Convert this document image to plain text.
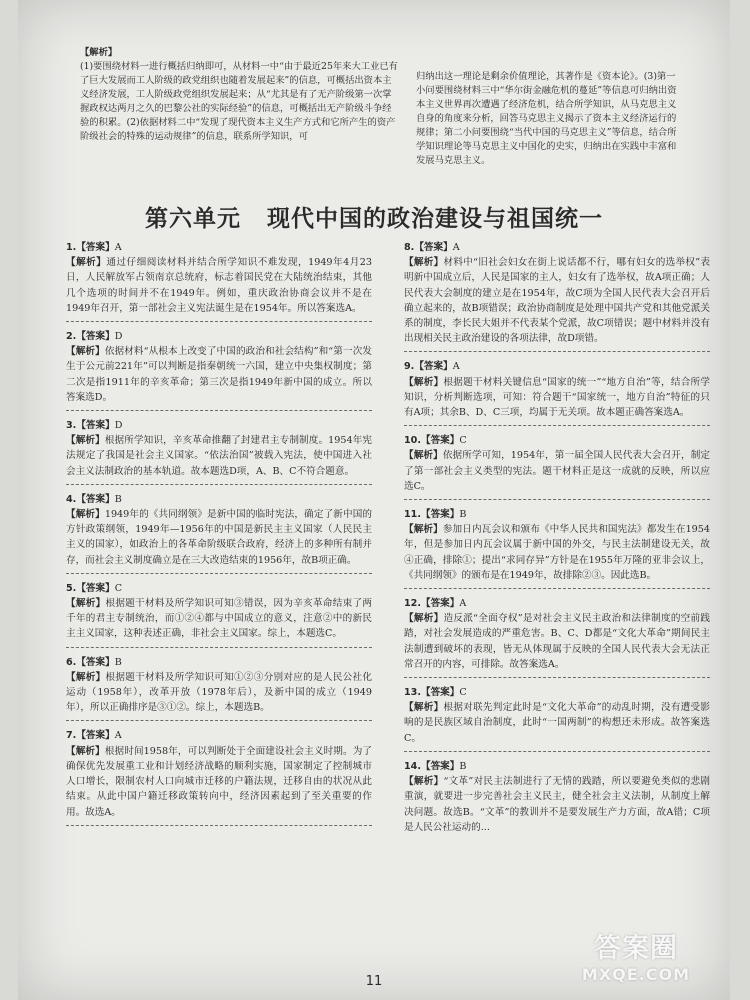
【解析】
(1)要围绕材料一进行概括归纳即可，从材料一中“由于最近25年来大工业已有了巨大发展而工人阶级的政党组织也随着发展起来”的信息，可概括出资本主义经济发展，工人阶级政党组织发展起来；从“尤其是有了无产阶级第一次掌握政权达两月之久的巴黎公社的实际经验”的信息，可概括出无产阶级斗争经验的积累。(2)依据材料二中“发现了现代资本主义生产方式和它所产生的资产阶级社会的特殊的运动规律”的信息，联系所学知识，可
归纳出这一理论是剩余价值理论，其著作是《资本论》。(3)第一小问要围绕材料三中“华尔街金融危机的蔓延”等信息可归纳出资本主义世界再次遭遇了经济危机，结合所学知识，从马克思主义自身的角度来分析，回答马克思主义揭示了资本主义经济运行的规律；第二小问要围绕“当代中国的马克思主义”等信息，结合所学知识理论等马克思主义中国化的史实，归纳出在实践中丰富和发展马克思主义。
第六单元 现代中国的政治建设与祖国统一

1.【答案】A

【解析】通过仔细阅读材料并结合所学知识不难发现，1949年4月23日，人民解放军占领南京总统府，标志着国民党在大陆统治结束，其他几个选项的时间并不在1949年。例如，重庆政治协商会议并不是在1949年召开，第一部社会主义宪法诞生是在1954年。所以答案选A。

2.【答案】D

【解析】依据材料“从根本上改变了中国的政治和社会结构”和“第一次发生于公元前221年”可以判断是指秦朝统一六国，建立中央集权制度；第二次是指1911年的辛亥革命；第三次是指1949年新中国的成立。所以答案选D。

3.【答案】D

【解析】根据所学知识，辛亥革命推翻了封建君主专制制度。1954年宪法规定了我国是社会主义国家。“依法治国”被载入宪法，使中国进入社会主义法制政治的基本轨道。故本题选D项，A、B、C不符合题意。

4.【答案】B

【解析】1949年的《共同纲领》是新中国的临时宪法，确定了新中国的方针政策纲领，1949年—1956年的中国是新民主主义国家（人民民主主义的国家），如政治上的各革命阶级联合政府，经济上的多种所有制并存，而社会主义制度确立是在三大改造结束的1956年，故B项正确。

5.【答案】C

【解析】根据题干材料及所学知识可知③错误，因为辛亥革命结束了两千年的君主专制统治，而①②④都与中国成立的意义，注意②中的新民主主义国家，这种表述正确，非社会主义国家。综上，本题选C。

6.【答案】B

【解析】根据题干材料及所学知识可知①②③分别对应的是人民公社化运动（1958年），改革开放（1978年后），及新中国的成立（1949年），所以正确排序是③①②。综上，本题选B。

7.【答案】A

【解析】根据时间1958年，可以判断处于全面建设社会主义时期。为了确保优先发展重工业和计划经济战略的顺利实施，国家制定了控制城市人口增长，限制农村人口向城市迁移的户籍法规，迁移自由的状况从此结束。从此中国户籍迁移政策转向中，经济因素起到了至关重要的作用。故选A。

8.【答案】A

【解析】材料中“旧社会妇女在街上说话都不行，哪有妇女的选举权”表明新中国成立后，人民是国家的主人，妇女有了选举权，故A项正确；人民代表大会制度的建立是在1954年，故C项为全国人民代表大会召开后确立起来的，故B项错误；政治协商制度是处理中国共产党和其他党派关系的制度，李长民大姐并不代表某个党派，故C项错误；题中材料并没有出现相关民主政治建设的各项法律，故D项错。

9.【答案】A

【解析】根据题干材料关键信息“国家的统一”“地方自治”等，结合所学知识，分析判断选项，可知：符合题干“国家统一，地方自治”特征的只有A项；其余B、D、C三项，均属于无关项。故本题正确答案选A。

10.【答案】C

【解析】依据所学可知，1954年，第一届全国人民代表大会召开，制定了第一部社会主义类型的宪法。题干材料正是这一成就的反映，所以应选C。

11.【答案】B

【解析】参加日内瓦会议和颁布《中华人民共和国宪法》都发生在1954年，但是参加日内瓦会议属于新中国的外交，与民主法制建设无关，故④正确，排除①；提出“求同存异”方针是在1955年万隆的亚非会议上，《共同纲领》的颁布是在1949年，故排除②③。因此选B。

12.【答案】A

【解析】造反派“全面夺权”是对社会主义民主政治和法律制度的空前践踏，对社会发展造成的严重危害。B、C、D都是“文化大革命”期间民主法制遭到破坏的表现，皆无从体现属于反映的全国人民代表大会无法正常召开的内容，可排除。故答案选A。

13.【答案】C

【解析】根据对联先判定此时是“文化大革命”的动乱时期，没有遭受影响的是民族区域自治制度，此时“一国两制”的构想还未形成。故答案选C。

14.【答案】B

【解析】“文革”对民主法制进行了无情的践踏，所以要避免类似的悲剧重演，就要进一步完善社会主义民主，健全社会主义法制，从制度上解决问题。故选B。“文革”的教训并不是要发展生产力方面，故A错；C项是人民公社运动的...

11
答案圈
MXQE.COM
